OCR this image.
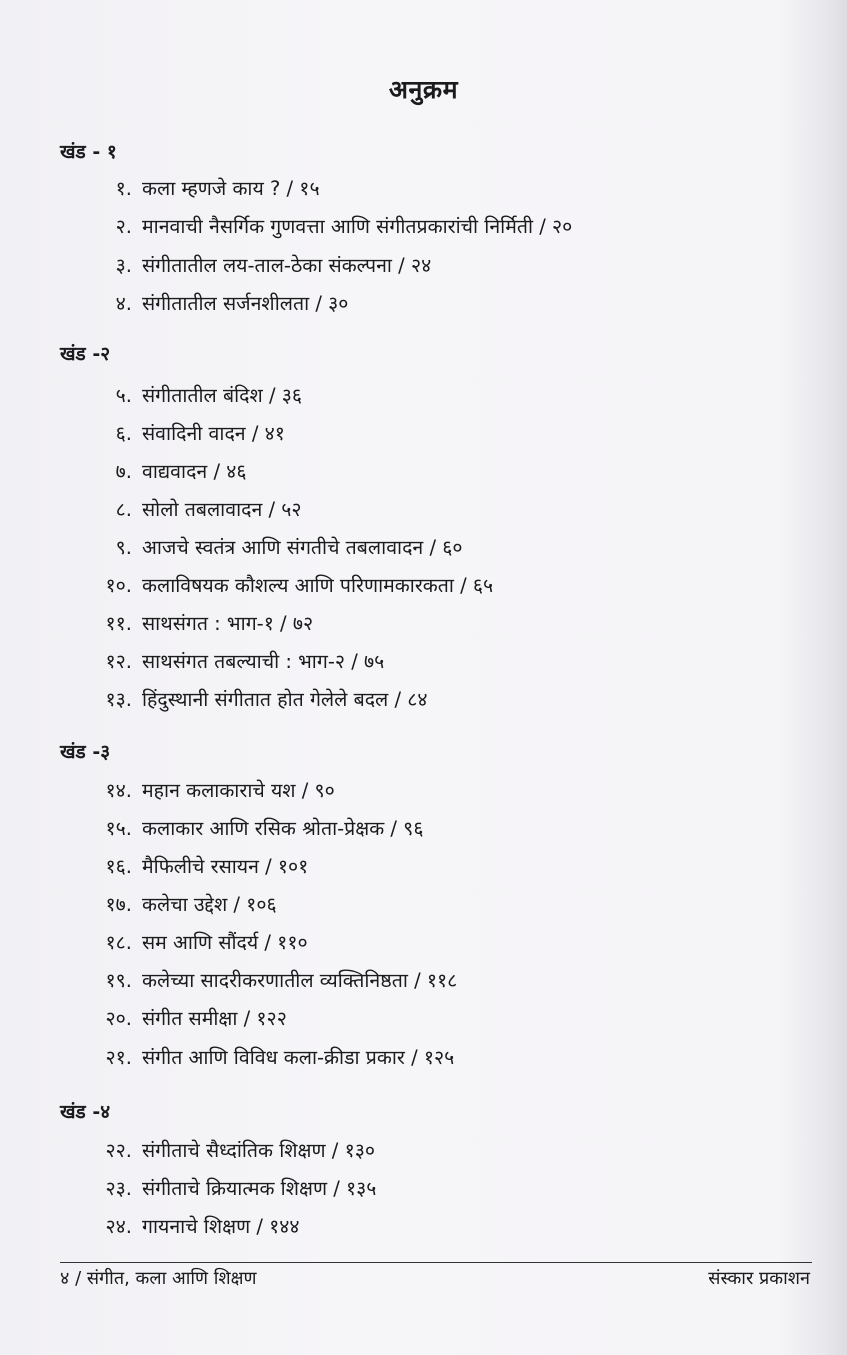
अनुक्रम
खंड - १
१. कला म्हणजे काय ? / १५
२. मानवाची नैसर्गिक गुणवत्ता आणि संगीतप्रकारांची निर्मिती / २०
३. संगीतातील लय-ताल-ठेका संकल्पना / २४
४. संगीतातील सर्जनशीलता / ३०
खंड -२
५. संगीतातील बंदिश / ३६
६. संवादिनी वादन / ४१
७. वाद्यवादन / ४६
८. सोलो तबलावादन / ५२
९. आजचे स्वतंत्र आणि संगतीचे तबलावादन / ६०
१०. कलाविषयक कौशल्य आणि परिणामकारकता / ६५
११. साथसंगत : भाग-१ / ७२
१२. साथसंगत तबल्याची : भाग-२ / ७५
१३. हिंदुस्थानी संगीतात होत गेलेले बदल / ८४
खंड -३
१४. महान कलाकाराचे यश / ९०
१५. कलाकार आणि रसिक श्रोता-प्रेक्षक / ९६
१६. मैफिलीचे रसायन / १०१
१७. कलेचा उद्देश / १०६
१८. सम आणि सौंदर्य / ११०
१९. कलेच्या सादरीकरणातील व्यक्तिनिष्ठता / ११८
२०. संगीत समीक्षा / १२२
२१. संगीत आणि विविध कला-क्रीडा प्रकार / १२५
खंड -४
२२. संगीताचे सैध्दांतिक शिक्षण / १३०
२३. संगीताचे क्रियात्मक शिक्षण / १३५
२४. गायनाचे शिक्षण / १४४
४ / संगीत, कला आणि शिक्षण	संस्कार प्रकाशन
